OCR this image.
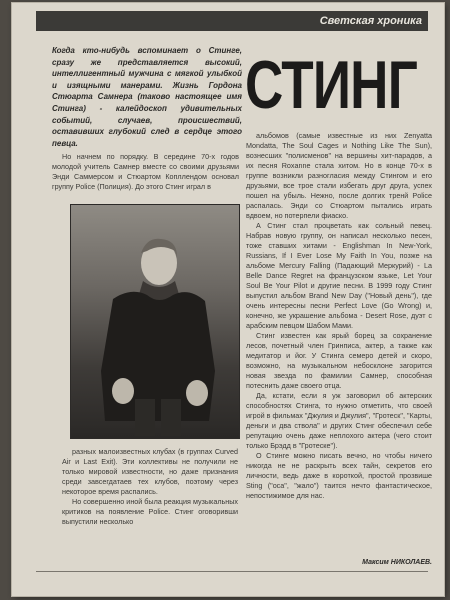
Светская хроника
СТИНГ
Когда кто-нибудь вспоминает о Стинге, сразу же представляется высокий, интеллигентный мужчина с мягкой улыбкой и изящными манерами. Жизнь Гордона Стюарта Самнера (таково настоящее имя Стинга) - калейдоскоп удивительных событий, случаев, происшествий, оставивших глубокий след в сердце этого певца.

Но начнем по порядку. В середине 70-х годов молодой учитель Самнер вместе со своими друзьями Энди Саммерсом и Стюартом Копллендом основал группу Police (Полиция). До этого Стинг играл в

разных малоизвестных клубах (в группах Curved Air и Last Exit). Эти коллективы не получили не только мировой известности, но даже признания среди завсегдатаев тех клубов, поэтому через некоторое время распались.

Но совершенно иной была реакция музыкальных критиков на появление Police. Стинг оговоривши выпустили несколько

альбомов (самые известные из них Zenyatta Mondatta, The Soul Cages и Nothing Like The Sun), вознесших "полисменов" на вершины хит-парадов, а их песня Roxanne стала хитом. Но в конце 70-х в группе возникли разногласия между Стингом и его друзьями, все трое стали избегать друг друга, успех пошел на убыль. Нежно, после долгих тренй Police распалась. Энди со Стюартом пытались играть вдвоем, но потерпели фиаско.

А Стинг стал процветать как сольный певец. Набрав новую группу, он написал несколько песен, тоже ставших хитами - Englishman In New-York, Russians, If I Ever Lose My Faith In You, позже на альбоме Mercury Falling (Падающий Меркурий) - La Belle Dance Regret на французском языке, Let Your Soul Be Your Pilot и другие песни. В 1999 году Стинг выпустил альбом Brand New Day ("Новый день"), где очень интересны песни Perfect Love (Go Wrong) и, конечно, же украшение альбома - Desert Rose, дуэт с арабским певцом Шабом Мами.

Стинг известен как ярый борец за сохранение лесов, почетный член Гринписа, актер, а также как медитатор и йог. У Стинга семеро детей и скоро, возможно, на музыкальном небосклоне загорится новая звезда по фамилии Самнер, способная потеснить даже своего отца.

Да, кстати, если я уж заговорил об актерских способностях Стинга, то нужно отметить, что своей игрой в фильмах "Джулия и Джулия", "Гротеск", "Карты, деньги и два ствола" и других Стинг обеспечил себе репутацию очень даже неплохого актера (чего стоит только Брэдд в "Гротеске").

О Стинге можно писать вечно, но чтобы ничего никогда не не раскрыть всех тайн, секретов его личности, ведь даже в короткой, простой прозвише Sting ("оса", "жало") таится нечто фантастическое, непостижимое для нас.

Максим НИКОЛАЕВ.
